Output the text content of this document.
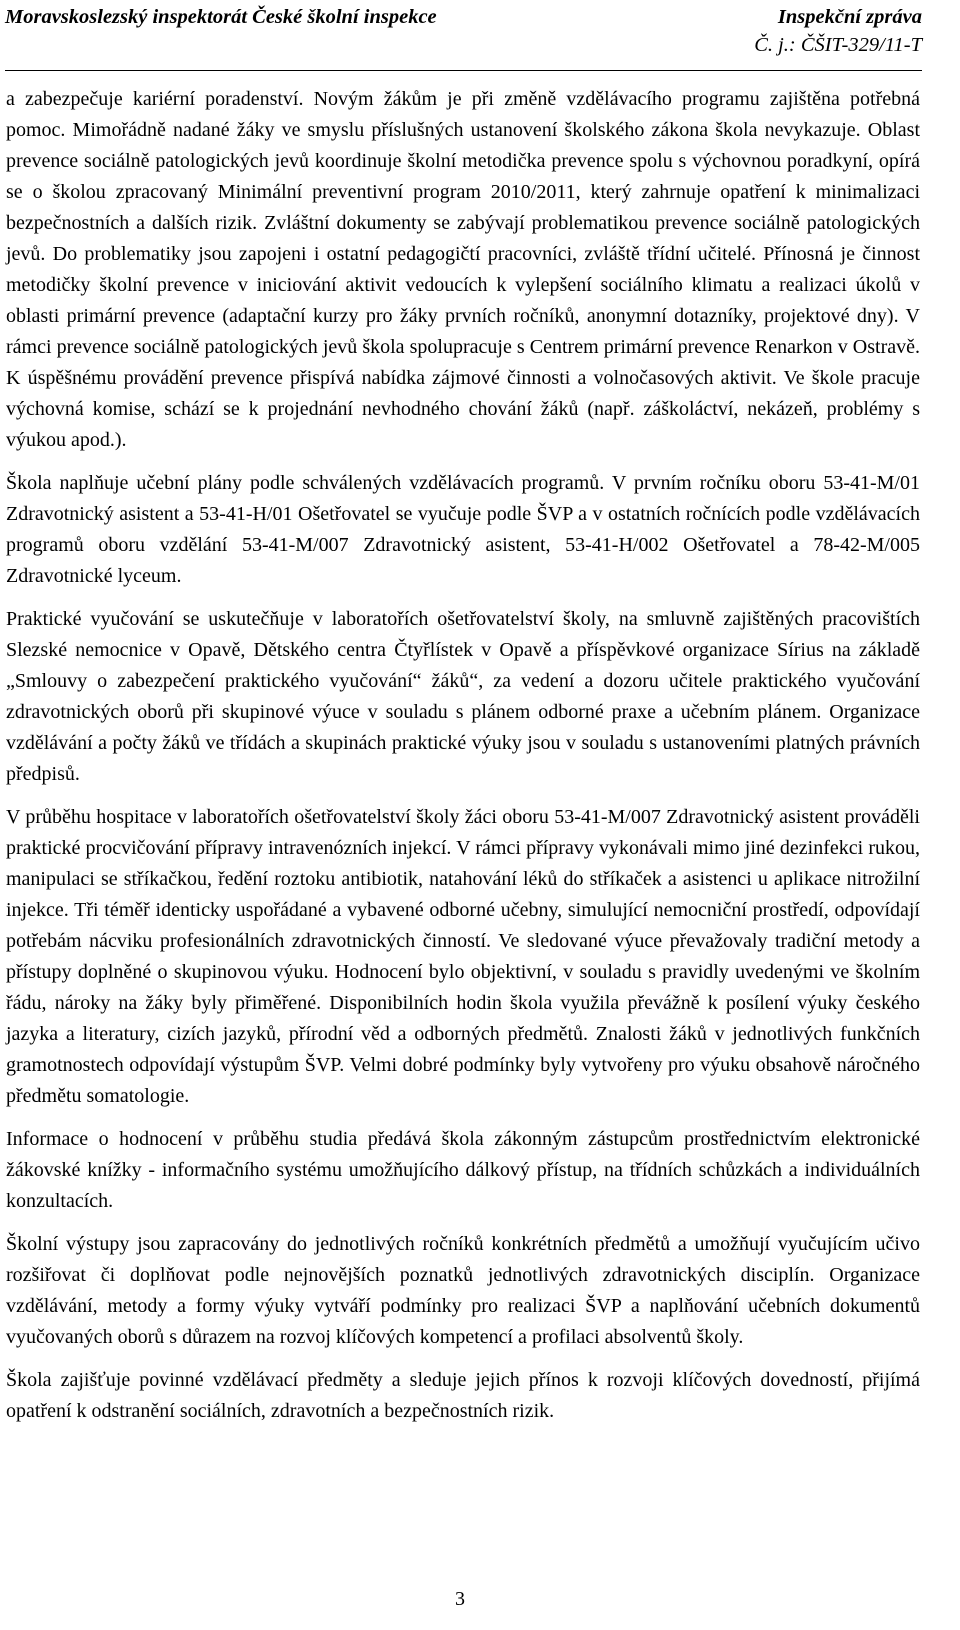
Moravskoslezský inspektorát České školní inspekce	Inspekční zpráva
Č. j.: ČŠIT-329/11-T

a zabezpečuje kariérní poradenství. Novým žákům je při změně vzdělávacího programu zajištěna potřebná pomoc. Mimořádně nadané žáky ve smyslu příslušných ustanovení školského zákona škola nevykazuje. Oblast prevence sociálně patologických jevů koordinuje školní metodička prevence spolu s výchovnou poradkyní, opírá se o školou zpracovaný Minimální preventivní program 2010/2011, který zahrnuje opatření k minimalizaci bezpečnostních a dalších rizik. Zvláštní dokumenty se zabývají problematikou prevence sociálně patologických jevů. Do problematiky jsou zapojeni i ostatní pedagogičtí pracovníci, zvláště třídní učitelé. Přínosná je činnost metodičky školní prevence v iniciování aktivit vedoucích k vylepšení sociálního klimatu a realizaci úkolů v oblasti primární prevence (adaptační kurzy pro žáky prvních ročníků, anonymní dotazníky, projektové dny). V rámci prevence sociálně patologických jevů škola spolupracuje s Centrem primární prevence Renarkon v Ostravě. K úspěšnému provádění prevence přispívá nabídka zájmové činnosti a volnočasových aktivit. Ve škole pracuje výchovná komise, schází se k projednání nevhodného chování žáků (např. záškoláctví, nekázeň, problémy s výukou apod.).

Škola naplňuje učební plány podle schválených vzdělávacích programů. V prvním ročníku oboru 53-41-M/01 Zdravotnický asistent a 53-41-H/01 Ošetřovatel se vyučuje podle ŠVP a v ostatních ročnících podle vzdělávacích programů oboru vzdělání 53-41-M/007 Zdravotnický asistent, 53-41-H/002 Ošetřovatel a 78-42-M/005 Zdravotnické lyceum.

Praktické vyučování se uskutečňuje v laboratořích ošetřovatelství školy, na smluvně zajištěných pracovištích Slezské nemocnice v Opavě, Dětského centra Čtyřlístek v Opavě a příspěvkové organizace Sírius na základě „Smlouvy o zabezpečení praktického vyučování“ žáků“, za vedení a dozoru učitele praktického vyučování zdravotnických oborů při skupinové výuce v souladu s plánem odborné praxe a učebním plánem. Organizace vzdělávání a počty žáků ve třídách a skupinách praktické výuky jsou v souladu s ustanoveními platných právních předpisů.

V průběhu hospitace v laboratořích ošetřovatelství školy žáci oboru 53-41-M/007 Zdravotnický asistent prováděli praktické procvičování přípravy intravenózních injekcí. V rámci přípravy vykonávali mimo jiné dezinfekci rukou, manipulaci se stříkačkou, ředění roztoku antibiotik, natahování léků do stříkaček a asistenci u aplikace nitrožilní injekce. Tři téměř identicky uspořádané a vybavené odborné učebny, simulující nemocniční prostředí, odpovídají potřebám nácviku profesionálních zdravotnických činností. Ve sledované výuce převažovaly tradiční metody a přístupy doplněné o skupinovou výuku. Hodnocení bylo objektivní, v souladu s pravidly uvedenými ve školním řádu, nároky na žáky byly přiměřené. Disponibilních hodin škola využila převážně k posílení výuky českého jazyka a literatury, cizích jazyků, přírodní věd a odborných předmětů. Znalosti žáků v jednotlivých funkčních gramotnostech odpovídají výstupům ŠVP. Velmi dobré podmínky byly vytvořeny pro výuku obsahově náročného předmětu somatologie.

Informace o hodnocení v průběhu studia předává škola zákonným zástupcům prostřednictvím elektronické žákovské knížky - informačního systému umožňujícího dálkový přístup, na třídních schůzkách a individuálních konzultacích.

Školní výstupy jsou zapracovány do jednotlivých ročníků konkrétních předmětů a umožňují vyučujícím učivo rozšiřovat či doplňovat podle nejnovějších poznatků jednotlivých zdravotnických disciplín. Organizace vzdělávání, metody a formy výuky vytváří podmínky pro realizaci ŠVP a naplňování učebních dokumentů vyučovaných oborů s důrazem na rozvoj klíčových kompetencí a profilaci absolventů školy.

Škola zajišťuje povinné vzdělávací předměty a sleduje jejich přínos k rozvoji klíčových dovedností, přijímá opatření k odstranění sociálních, zdravotních a bezpečnostních rizik.

3
